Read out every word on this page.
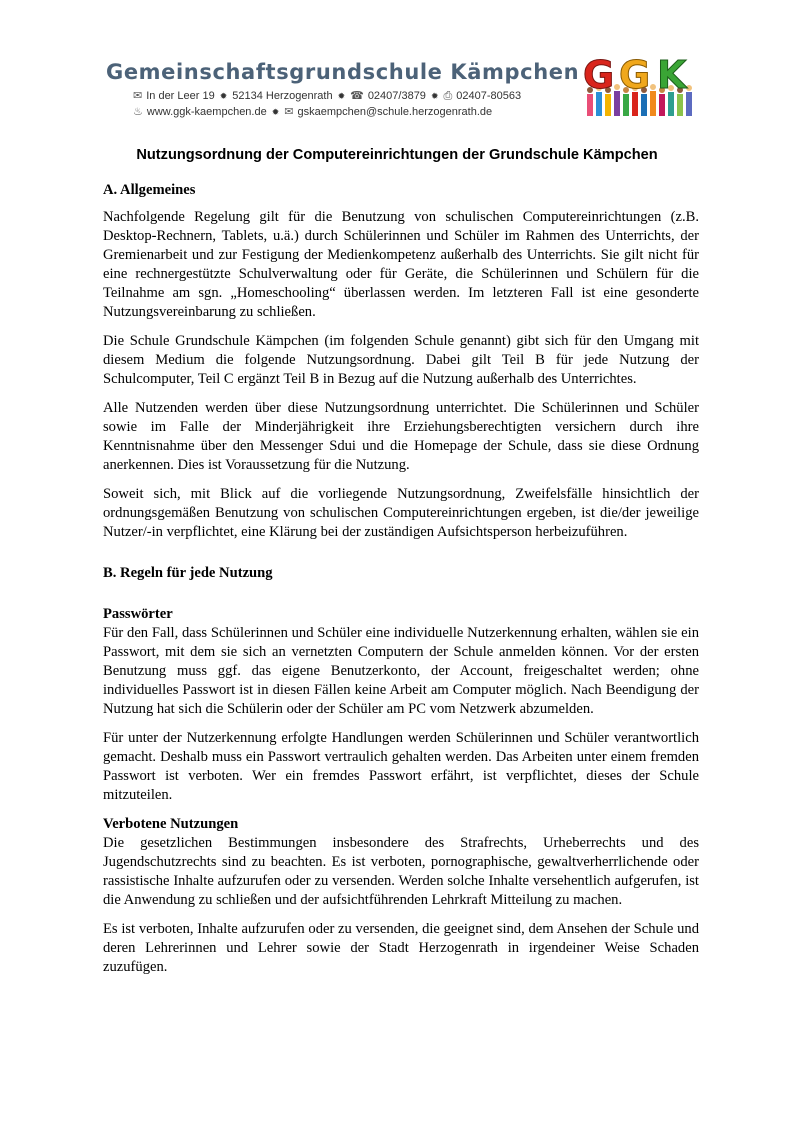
Gemeinschaftsgrundschule Kämpchen
✉ In der Leer 19 ✹ 52134 Herzogenrath ✹ ☎ 02407/3879 ✹ ⎙ 02407-80563
♨ www.ggk-kaempchen.de ✹ ✉ gskaempchen@schule.herzogenrath.de
G G K
Nutzungsordnung der Computereinrichtungen der Grundschule Kämpchen
A. Allgemeines

Nachfolgende Regelung gilt für die Benutzung von schulischen Computereinrichtungen (z.B. Desktop-Rechnern, Tablets, u.ä.) durch Schülerinnen und Schüler im Rahmen des Unterrichts, der Gremienarbeit und zur Festigung der Medienkompetenz außerhalb des Unterrichts. Sie gilt nicht für eine rechnergestützte Schulverwaltung oder für Geräte, die Schülerinnen und Schülern für die Teilnahme am sgn. „Homeschooling“ überlassen werden. Im letzteren Fall ist eine gesonderte Nutzungsvereinbarung zu schließen.

Die Schule Grundschule Kämpchen (im folgenden Schule genannt) gibt sich für den Umgang mit diesem Medium die folgende Nutzungsordnung. Dabei gilt Teil B für jede Nutzung der Schulcomputer, Teil C ergänzt Teil B in Bezug auf die Nutzung außerhalb des Unterrichtes.

Alle Nutzenden werden über diese Nutzungsordnung unterrichtet. Die Schülerinnen und Schüler sowie im Falle der Minderjährigkeit ihre Erziehungsberechtigten versichern durch ihre Kenntnisnahme über den Messenger Sdui und die Homepage der Schule, dass sie diese Ordnung anerkennen. Dies ist Voraussetzung für die Nutzung.

Soweit sich, mit Blick auf die vorliegende Nutzungsordnung, Zweifelsfälle hinsichtlich der ordnungsgemäßen Benutzung von schulischen Computereinrichtungen ergeben, ist die/der jeweilige Nutzer/-in verpflichtet, eine Klärung bei der zuständigen Aufsichtsperson herbeizuführen.

B. Regeln für jede Nutzung
Passwörter

Für den Fall, dass Schülerinnen und Schüler eine individuelle Nutzerkennung erhalten, wählen sie ein Passwort, mit dem sie sich an vernetzten Computern der Schule anmelden können. Vor der ersten Benutzung muss ggf. das eigene Benutzerkonto, der Account, freigeschaltet werden; ohne individuelles Passwort ist in diesen Fällen keine Arbeit am Computer möglich. Nach Beendigung der Nutzung hat sich die Schülerin oder der Schüler am PC vom Netzwerk abzumelden.

Für unter der Nutzerkennung erfolgte Handlungen werden Schülerinnen und Schüler verantwortlich gemacht. Deshalb muss ein Passwort vertraulich gehalten werden. Das Arbeiten unter einem fremden Passwort ist verboten. Wer ein fremdes Passwort erfährt, ist verpflichtet, dieses der Schule mitzuteilen.

Verbotene Nutzungen

Die gesetzlichen Bestimmungen insbesondere des Strafrechts, Urheberrechts und des Jugendschutzrechts sind zu beachten. Es ist verboten, pornographische, gewaltverherrlichende oder rassistische Inhalte aufzurufen oder zu versenden. Werden solche Inhalte versehentlich aufgerufen, ist die Anwendung zu schließen und der aufsichtführenden Lehrkraft Mitteilung zu machen.

Es ist verboten, Inhalte aufzurufen oder zu versenden, die geeignet sind, dem Ansehen der Schule und deren Lehrerinnen und Lehrer sowie der Stadt Herzogenrath in irgendeiner Weise Schaden zuzufügen.
